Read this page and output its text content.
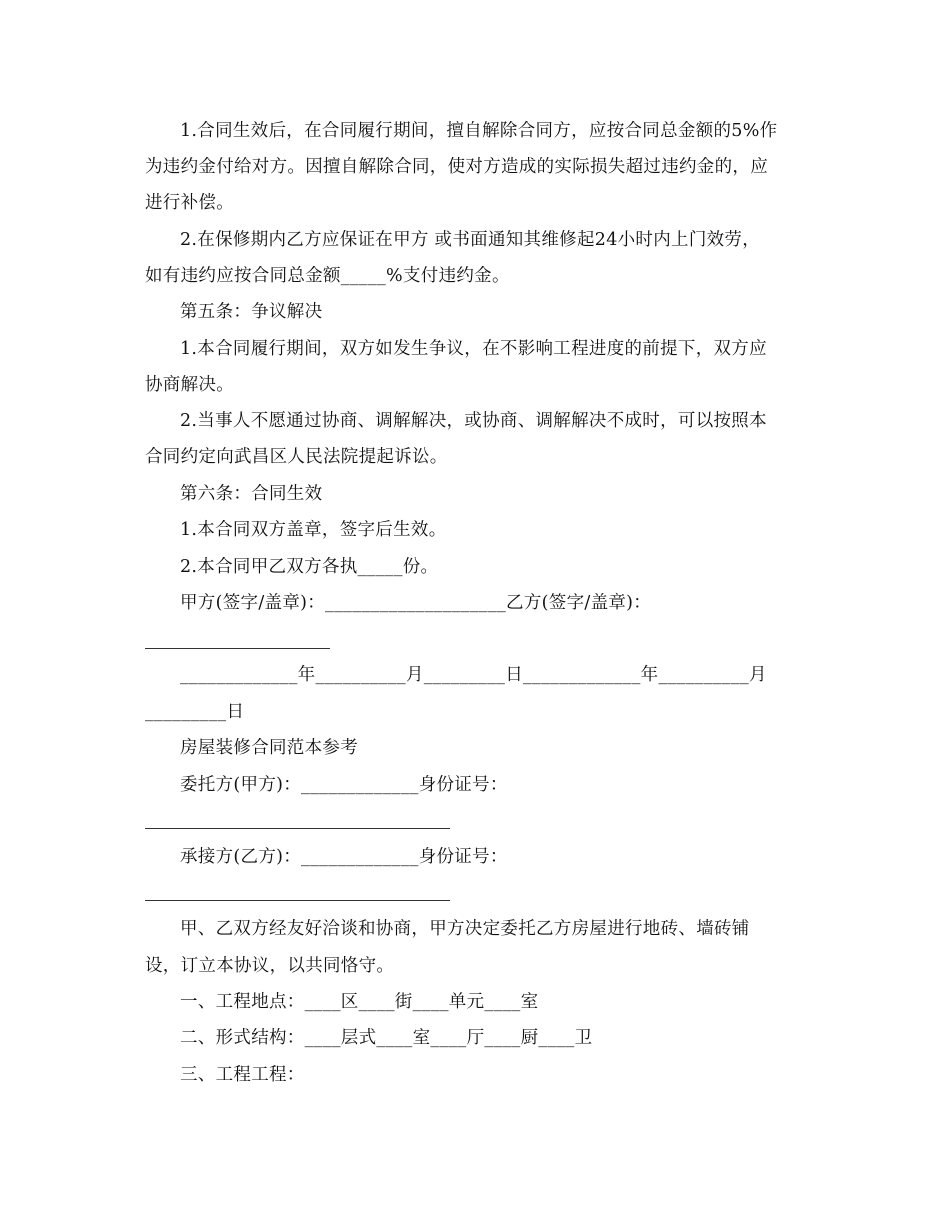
1.合同生效后，在合同履行期间，擅自解除合同方，应按合同总金额的5%作
为违约金付给对方。因擅自解除合同，使对方造成的实际损失超过违约金的，应
进行补偿。
2.在保修期内乙方应保证在甲方 或书面通知其维修起24小时内上门效劳，
如有违约应按合同总金额_____%支付违约金。
第五条：争议解决
1.本合同履行期间，双方如发生争议，在不影响工程进度的前提下，双方应
协商解决。
2.当事人不愿通过协商、调解解决，或协商、调解解决不成时，可以按照本
合同约定向武昌区人民法院提起诉讼。
第六条：合同生效
1.本合同双方盖章，签字后生效。
2.本合同甲乙双方各执_____份。
甲方(签字/盖章)：____________________乙方(签字/盖章)：
_____________年__________月_________日_____________年__________月
_________日
房屋装修合同范本参考
委托方(甲方)：_____________身份证号：
承接方(乙方)：_____________身份证号：
甲、乙双方经友好洽谈和协商，甲方决定委托乙方房屋进行地砖、墙砖铺
设，订立本协议，以共同恪守。
一、工程地点：____区____街____单元____室
二、形式结构：____层式____室____厅____厨____卫
三、工程工程：
